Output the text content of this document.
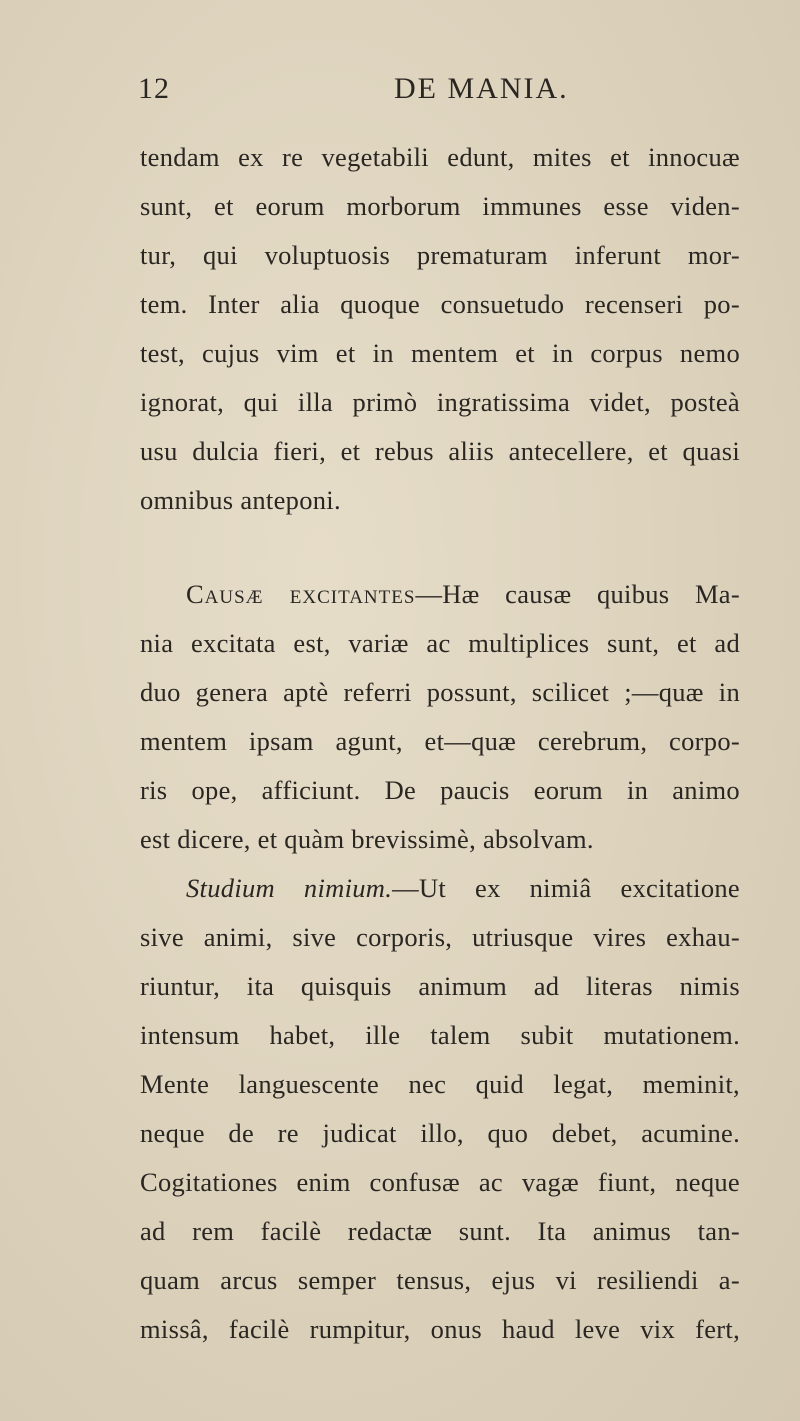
12	DE MANIA.
tendam ex re vegetabili edunt, mites et innocuæ
sunt, et eorum morborum immunes esse viden-
tur, qui voluptuosis prematuram inferunt mor-
tem. Inter alia quoque consuetudo recenseri po-
test, cujus vim et in mentem et in corpus nemo
ignorat, qui illa primò ingratissima videt, posteà
usu dulcia fieri, et rebus aliis antecellere, et quasi
omnibus anteponi.
Causæ excitantes—Hæ causæ quibus Ma-
nia excitata est, variæ ac multiplices sunt, et ad
duo genera aptè referri possunt, scilicet ;—quæ in
mentem ipsam agunt, et—quæ cerebrum, corpo-
ris ope, afficiunt. De paucis eorum in animo
est dicere, et quàm brevissimè, absolvam.
Studium nimium.—Ut ex nimiâ excitatione
sive animi, sive corporis, utriusque vires exhau-
riuntur, ita quisquis animum ad literas nimis
intensum habet, ille talem subit mutationem.
Mente languescente nec quid legat, meminit,
neque de re judicat illo, quo debet, acumine.
Cogitationes enim confusæ ac vagæ fiunt, neque
ad rem facilè redactæ sunt. Ita animus tan-
quam arcus semper tensus, ejus vi resiliendi a-
missâ, facilè rumpitur, onus haud leve vix fert,
